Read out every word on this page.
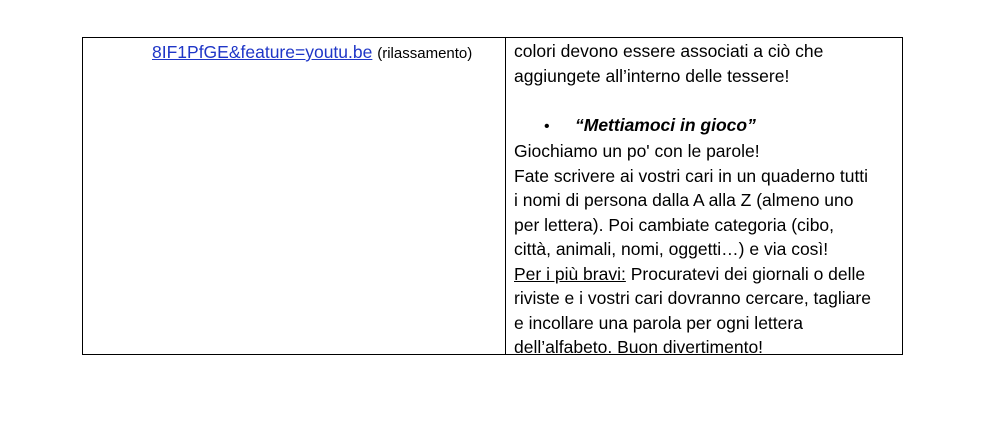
8IF1PfGE&feature=youtu.be (rilassamento) colori devono essere associati a ciò che
aggiungete all’interno delle tessere!
•	“Mettiamoci in gioco”
Giochiamo un po' con le parole!
Fate scrivere ai vostri cari in un quaderno tutti
i nomi di persona dalla A alla Z (almeno uno
per lettera). Poi cambiate categoria (cibo,
città, animali, nomi, oggetti…) e via così!
Per i più bravi: Procuratevi dei giornali o delle
riviste e i vostri cari dovranno cercare, tagliare
e incollare una parola per ogni lettera
dell’alfabeto. Buon divertimento!
